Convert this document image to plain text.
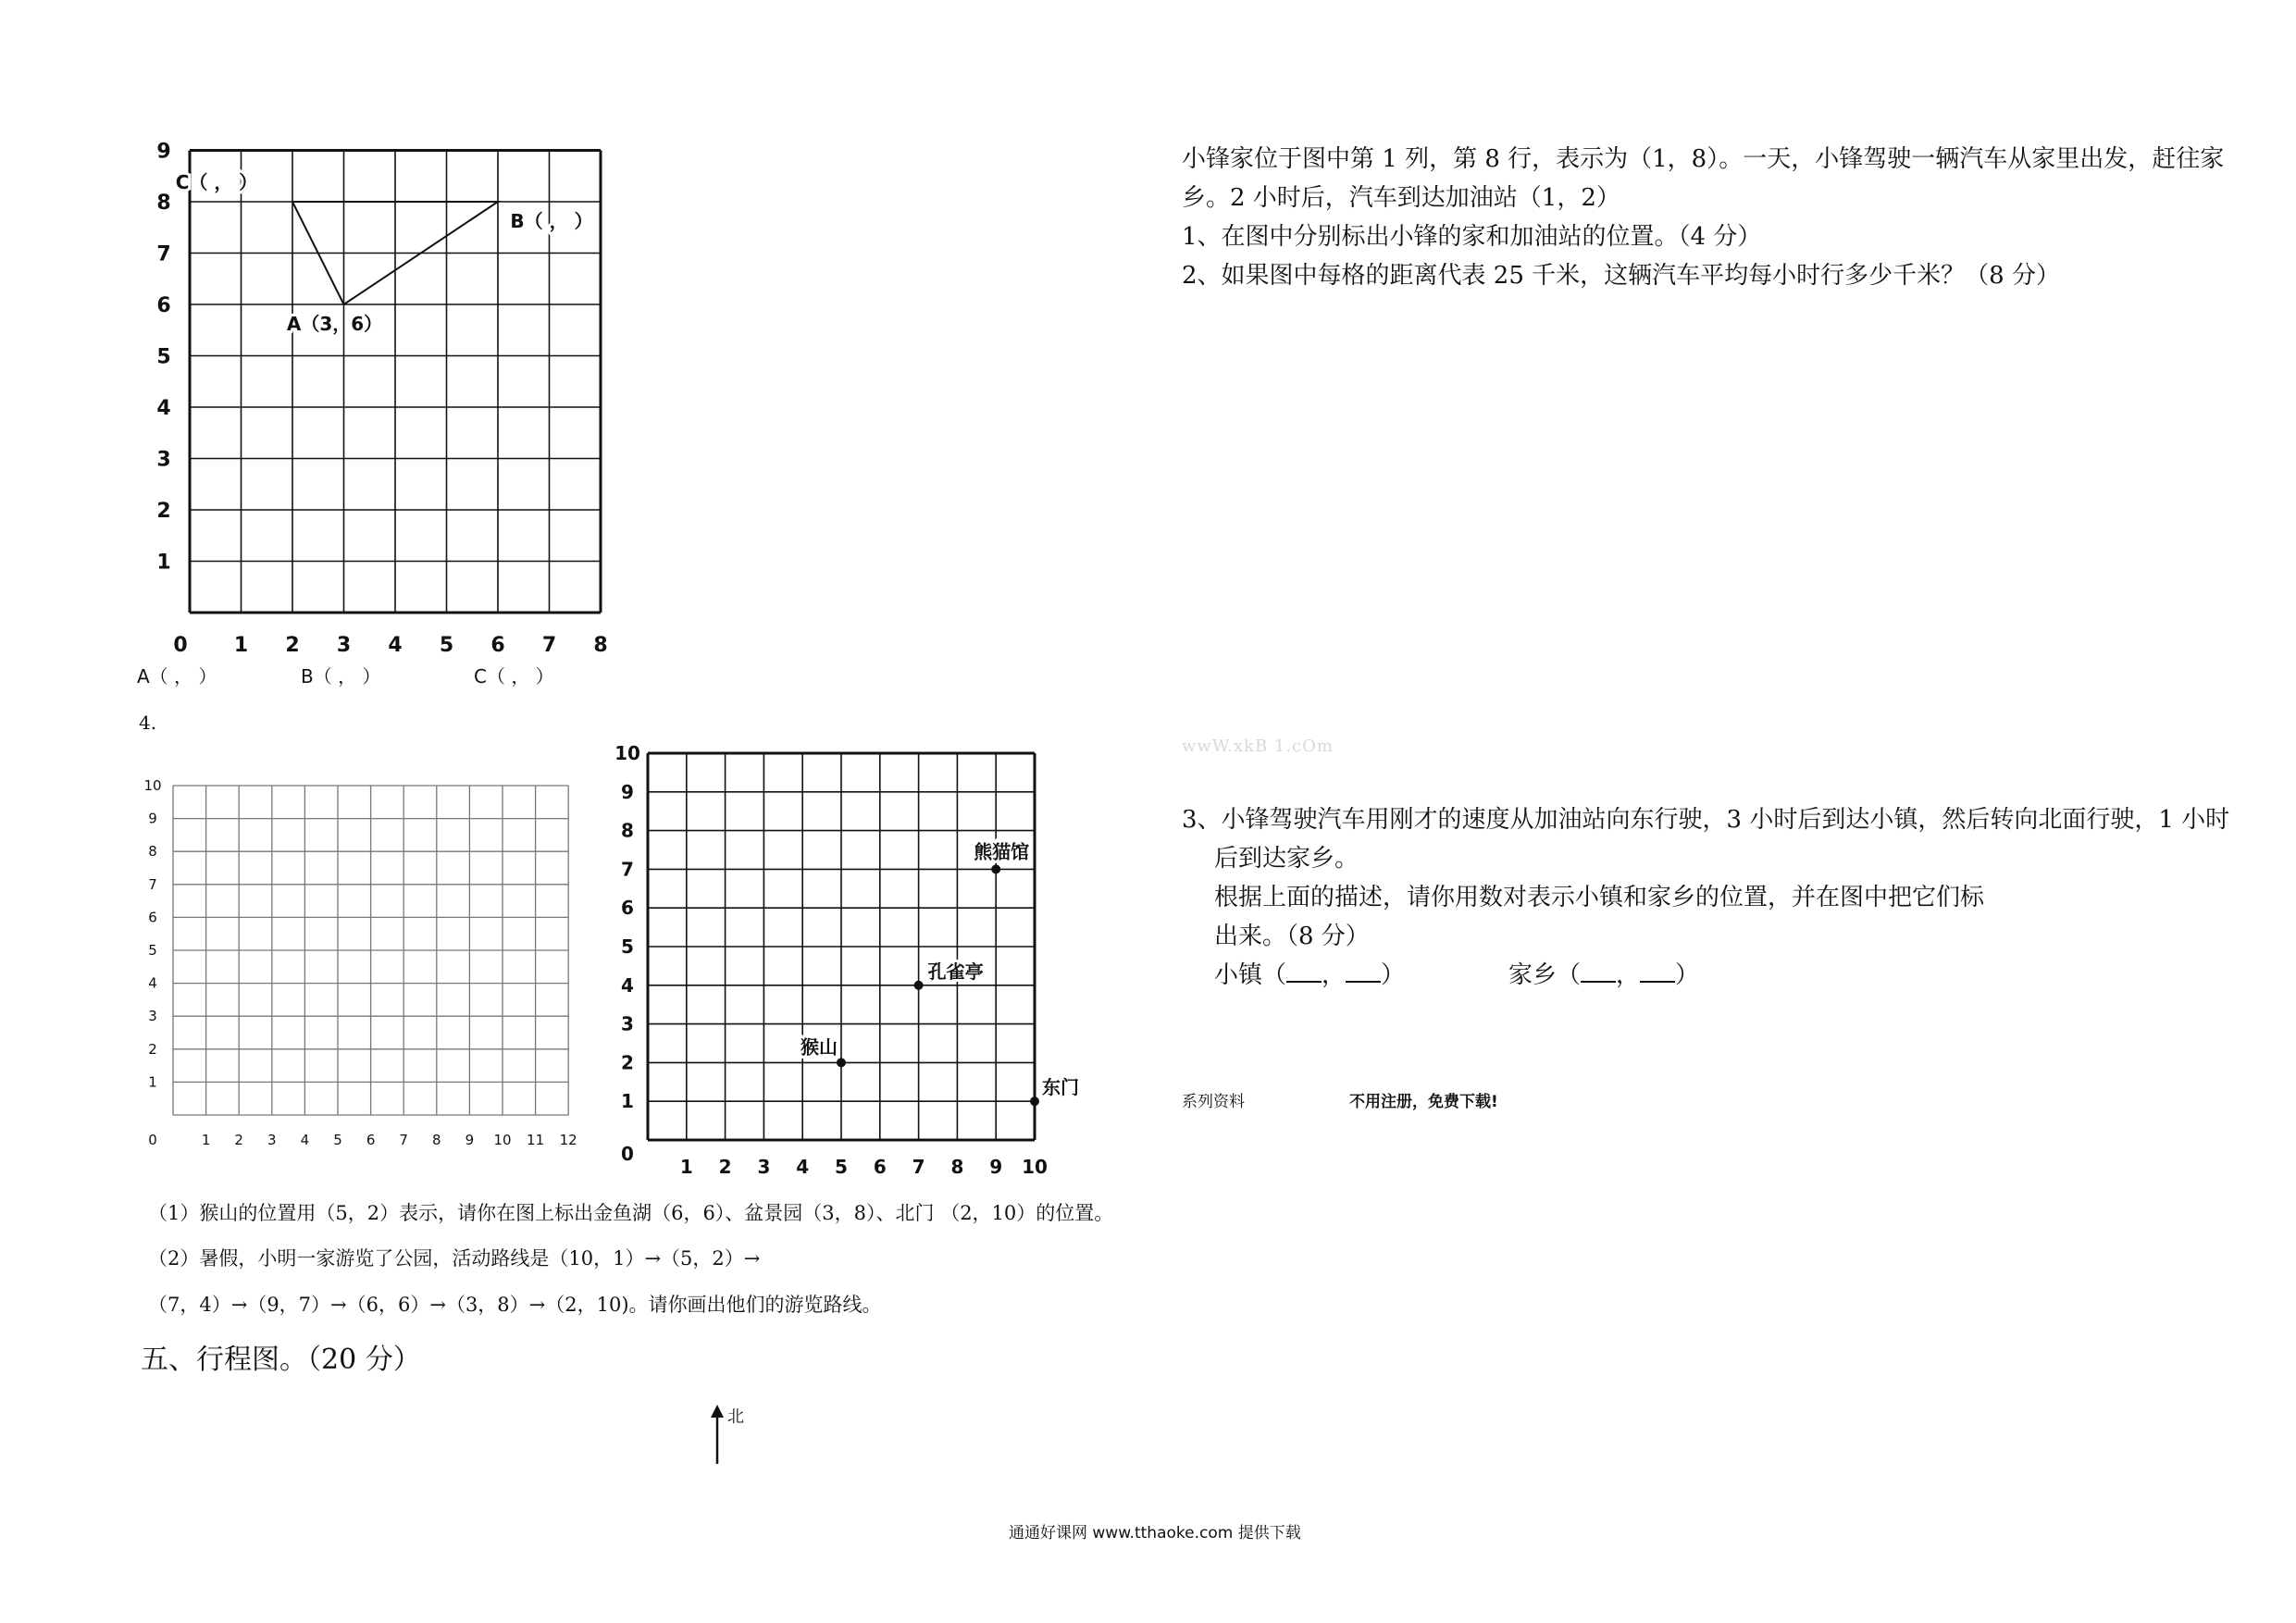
0 1 2 3 4 5 6 7 8
1
2
3
4
5
6
7
8
9
A（3，6）
B（ ， ）
C（ ， ）
A（ ， ）	B（ ， ）	C（ ， ）
4.
0	1 2 3 4 5 6 7 8 9 10 11 12
1
2
3
4
5
6
7
8
9
10
0
1 2 3 4 5 6 7 8 9 10
1
2
3
4
5
6
7
8
9
10
猴山
孔雀亭
熊猫馆
东门
（1）猴山的位置用（5，2）表示，请你在图上标出金鱼湖（6，6）、盆景园（3，8）、北门 （2，10）的位置。
（2）暑假，小明一家游览了公园，活动路线是（10，1）→（5，2）→
（7，4）→（9，7）→（6，6）→（3，8）→（2，10)。请你画出他们的游览路线。
五、行程图。（20 分）
北
小锋家位于图中第 1 列，第 8 行，表示为（1，8）。一天，小锋驾驶一辆汽车从家里出发，赶往家
乡。2 小时后，汽车到达加油站（1，2）
1、在图中分别标出小锋的家和加油站的位置。（4 分）
2、如果图中每格的距离代表 25 千米，这辆汽车平均每小时行多少千米？（8 分）
wwW.xkB 1.cOm
3、小锋驾驶汽车用刚才的速度从加油站向东行驶，3 小时后到达小镇，然后转向北面行驶，1 小时
后到达家乡。
根据上面的描述，请你用数对表示小镇和家乡的位置，并在图中把它们标
出来。（8 分）
小镇（ ， ）	家乡（ ， ）
系列资料	不用注册，免费下载!
通通好课网 www.tthaoke.com 提供下载
